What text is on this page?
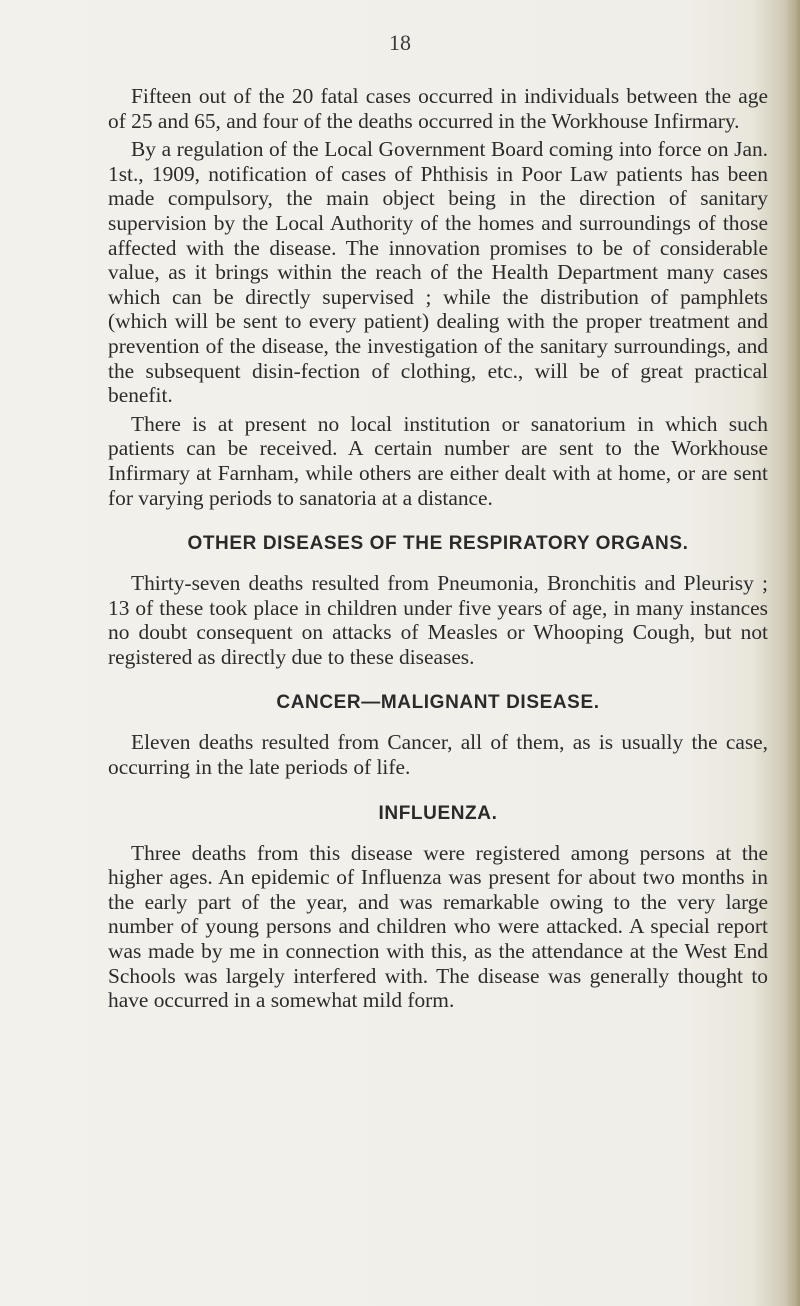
18

Fifteen out of the 20 fatal cases occurred in individuals between the age of 25 and 65, and four of the deaths occurred in the Workhouse Infirmary.

By a regulation of the Local Government Board coming into force on Jan. 1st., 1909, notification of cases of Phthisis in Poor Law patients has been made compulsory, the main object being in the direction of sanitary supervision by the Local Authority of the homes and surroundings of those affected with the disease. The innovation promises to be of considerable value, as it brings within the reach of the Health Department many cases which can be directly supervised ; while the distribution of pamphlets (which will be sent to every patient) dealing with the proper treatment and prevention of the disease, the investigation of the sanitary surroundings, and the subsequent disin-fection of clothing, etc., will be of great practical benefit.

There is at present no local institution or sanatorium in which such patients can be received. A certain number are sent to the Workhouse Infirmary at Farnham, while others are either dealt with at home, or are sent for varying periods to sanatoria at a distance.

OTHER DISEASES OF THE RESPIRATORY ORGANS.

Thirty-seven deaths resulted from Pneumonia, Bronchitis and Pleurisy ; 13 of these took place in children under five years of age, in many instances no doubt consequent on attacks of Measles or Whooping Cough, but not registered as directly due to these diseases.

CANCER—MALIGNANT DISEASE.

Eleven deaths resulted from Cancer, all of them, as is usually the case, occurring in the late periods of life.

INFLUENZA.

Three deaths from this disease were registered among persons at the higher ages. An epidemic of Influenza was present for about two months in the early part of the year, and was remarkable owing to the very large number of young persons and children who were attacked. A special report was made by me in connection with this, as the attendance at the West End Schools was largely interfered with. The disease was generally thought to have occurred in a somewhat mild form.
